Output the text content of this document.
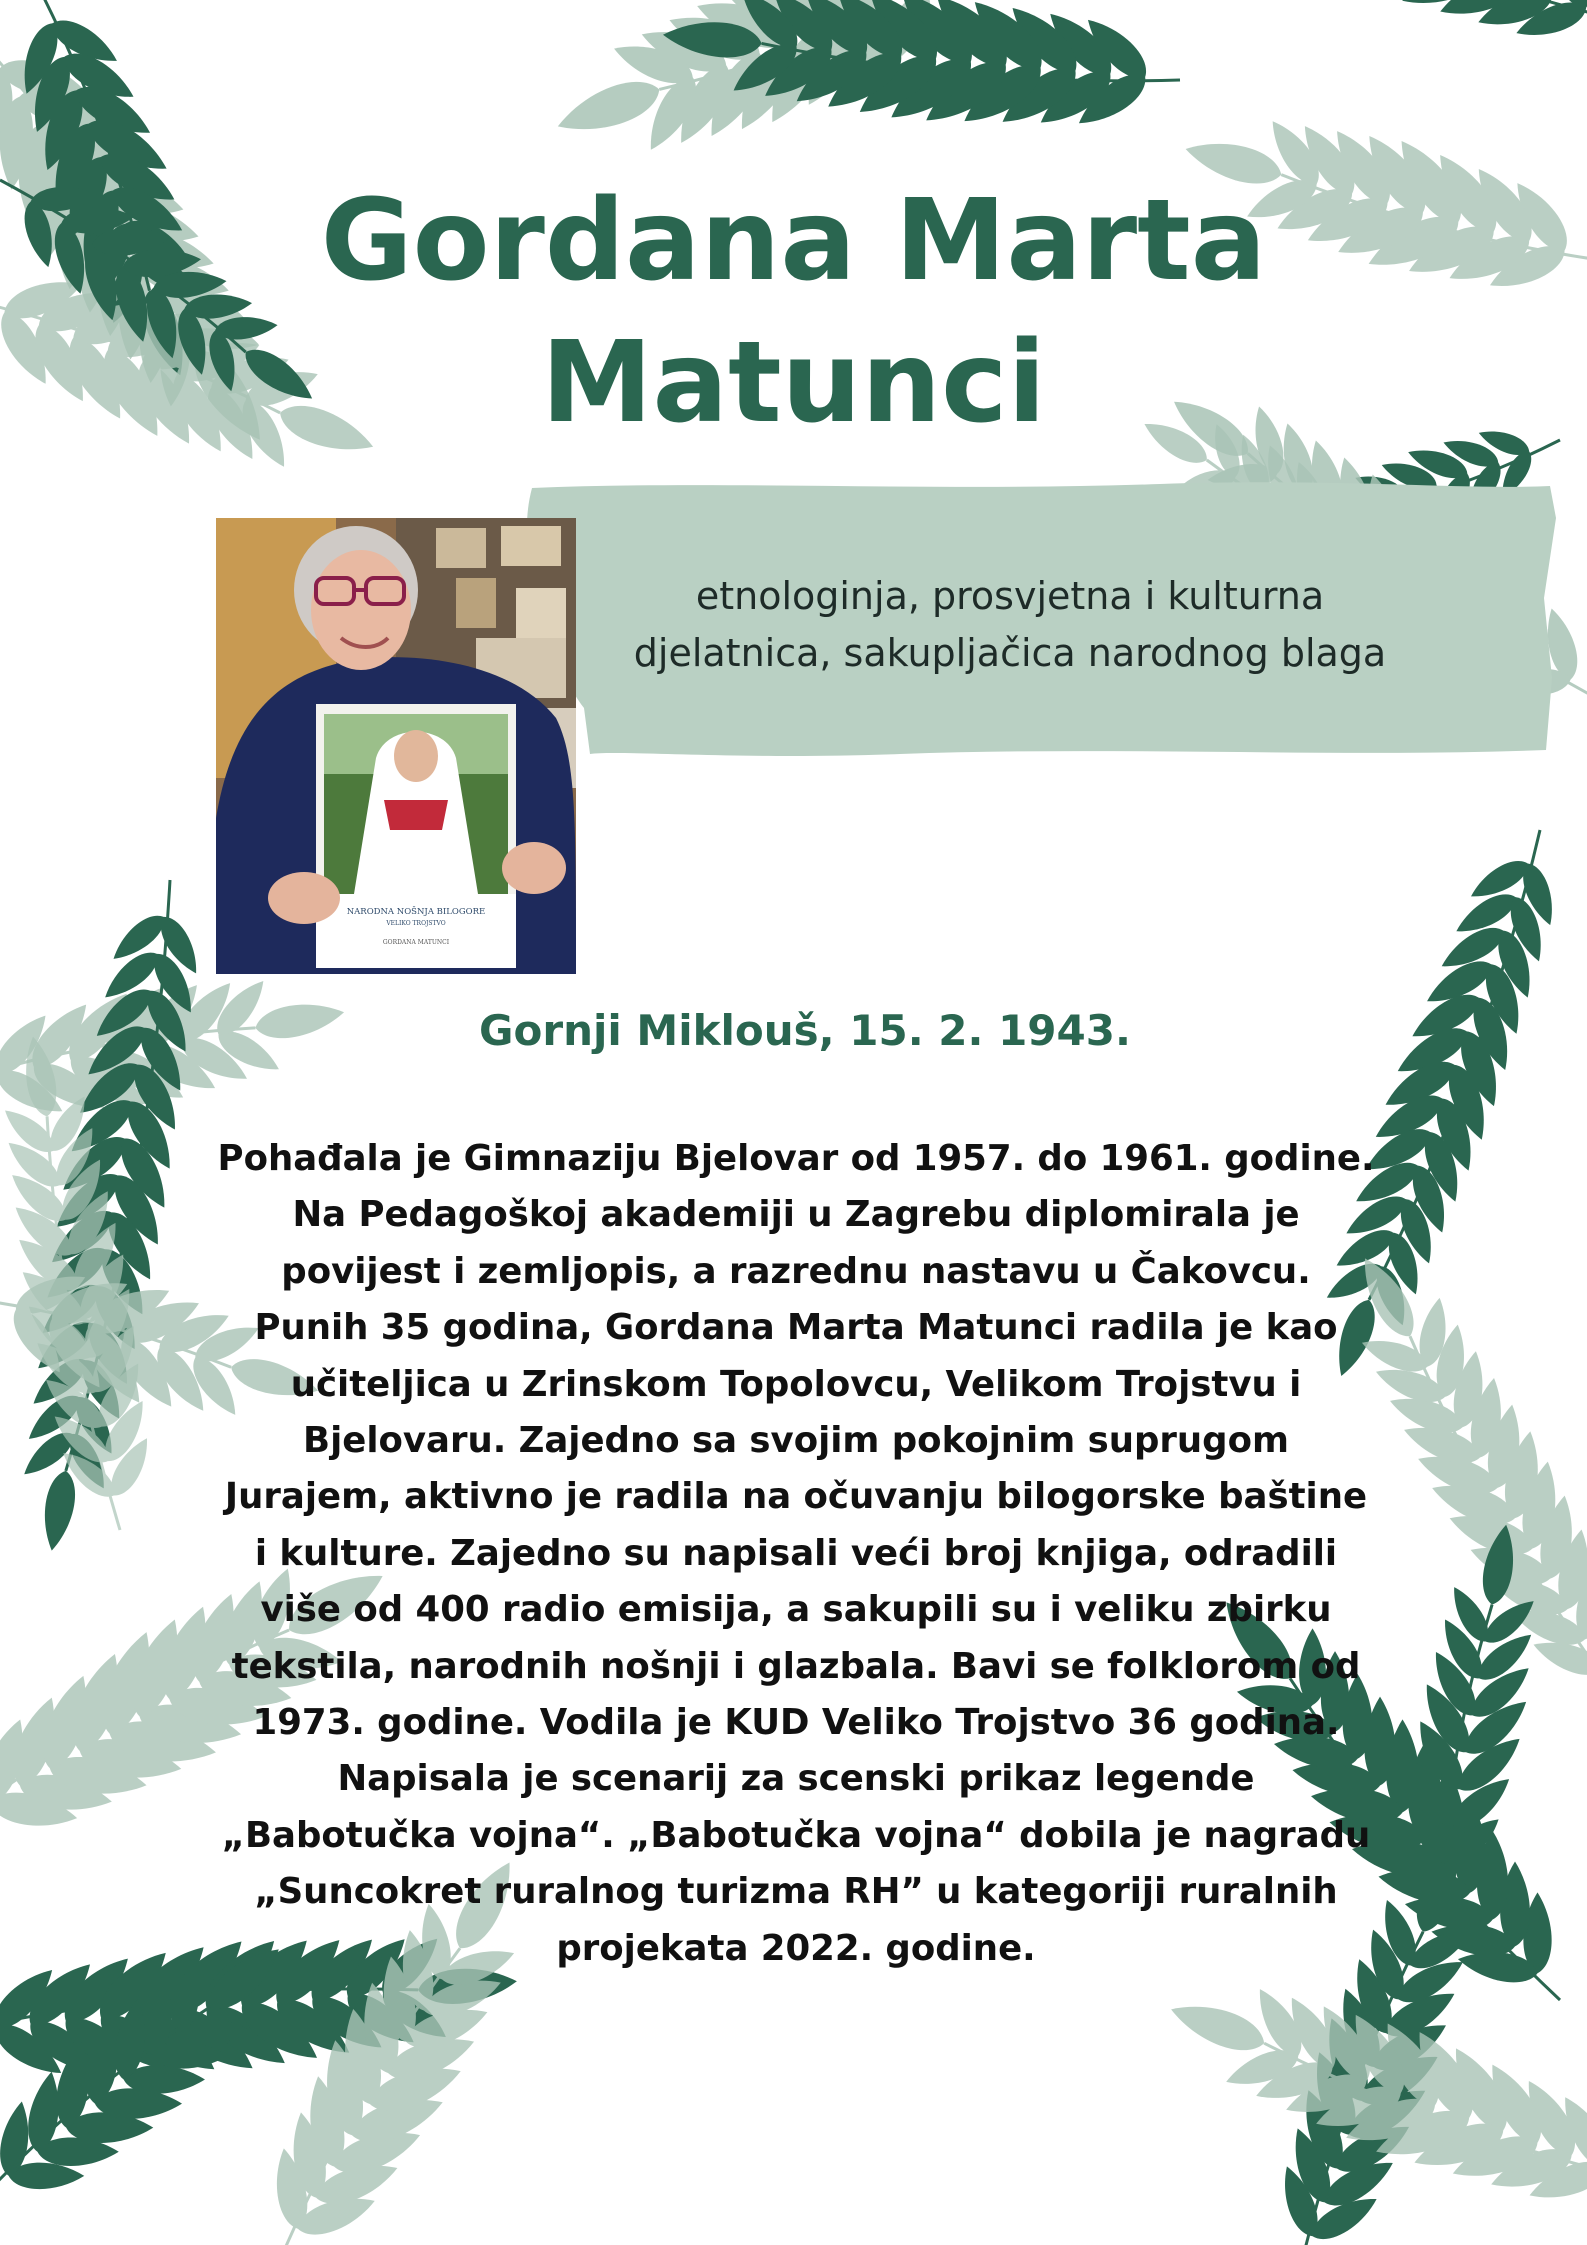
Gordana Marta
Matunci

etnologinja, prosvjetna i kulturna
djelatnica, sakupljačica narodnog blaga

NARODNA NOŠNJA BILOGORE
VELIKO TROJSTVO
GORDANA MATUNCI

Gornji Miklouš, 15. 2. 1943.

Pohađala je Gimnaziju Bjelovar od 1957. do 1961. godine.
Na Pedagoškoj akademiji u Zagrebu diplomirala je
povijest i zemljopis, a razrednu nastavu u Čakovcu.
Punih 35 godina, Gordana Marta Matunci radila je kao
učiteljica u Zrinskom Topolovcu, Velikom Trojstvu i
Bjelovaru. Zajedno sa svojim pokojnim suprugom
Jurajem, aktivno je radila na očuvanju bilogorske baštine
i kulture. Zajedno su napisali veći broj knjiga, odradili
više od 400 radio emisija, a sakupili su i veliku zbirku
tekstila, narodnih nošnji i glazbala. Bavi se folklorom od
1973. godine. Vodila je KUD Veliko Trojstvo 36 godina.
Napisala je scenarij za scenski prikaz legende
„Babotučka vojna“. „Babotučka vojna“ dobila je nagradu
„Suncokret ruralnog turizma RH” u kategoriji ruralnih
projekata 2022. godine.
